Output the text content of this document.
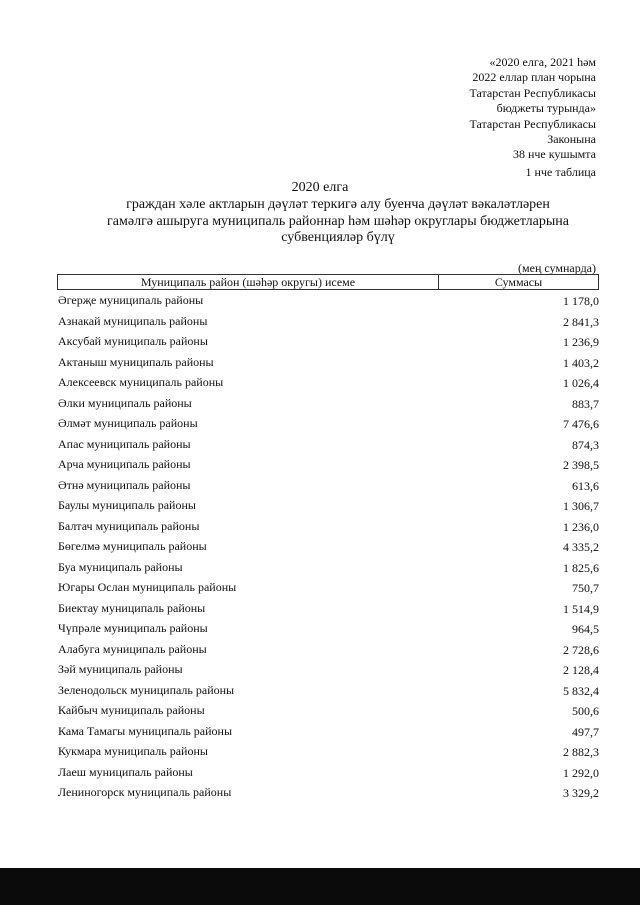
«2020 елга, 2021 һәм
2022 еллар план чорына
Татарстан Республикасы
бюджеты турында»
Татарстан Республикасы
Законына
38 нче кушымта
1 нче таблица
2020 елга
граждан хәле актларын дәүләт теркигә алу буенча дәүләт вәкаләтләрен
гамәлгә ашыруга муниципаль районнар һәм шәһәр округлары бюджетларына
субвенцияләр бүлү
(мең сумнарда)
Муниципаль район (шәһәр округы) исеме	Суммасы
Әгерҗе муниципаль районы	1 178,0
Азнакай муниципаль районы	2 841,3
Аксубай муниципаль районы	1 236,9
Актаныш муниципаль районы	1 403,2
Алексеевск муниципаль районы	1 026,4
Әлки муниципаль районы	883,7
Әлмәт муниципаль районы	7 476,6
Апас муниципаль районы	874,3
Арча муниципаль районы	2 398,5
Әтнә муниципаль районы	613,6
Баулы муниципаль районы	1 306,7
Балтач муниципаль районы	1 236,0
Бөгелмә муниципаль районы	4 335,2
Буа муниципаль районы	1 825,6
Югары Ослан муниципаль районы	750,7
Биектау муниципаль районы	1 514,9
Чүпрәле муниципаль районы	964,5
Алабуга муниципаль районы	2 728,6
Зәй муниципаль районы	2 128,4
Зеленодольск муниципаль районы	5 832,4
Кайбыч муниципаль районы	500,6
Кама Тамагы муниципаль районы	497,7
Кукмара муниципаль районы	2 882,3
Лаеш муниципаль районы	1 292,0
Лениногорск муниципаль районы	3 329,2
